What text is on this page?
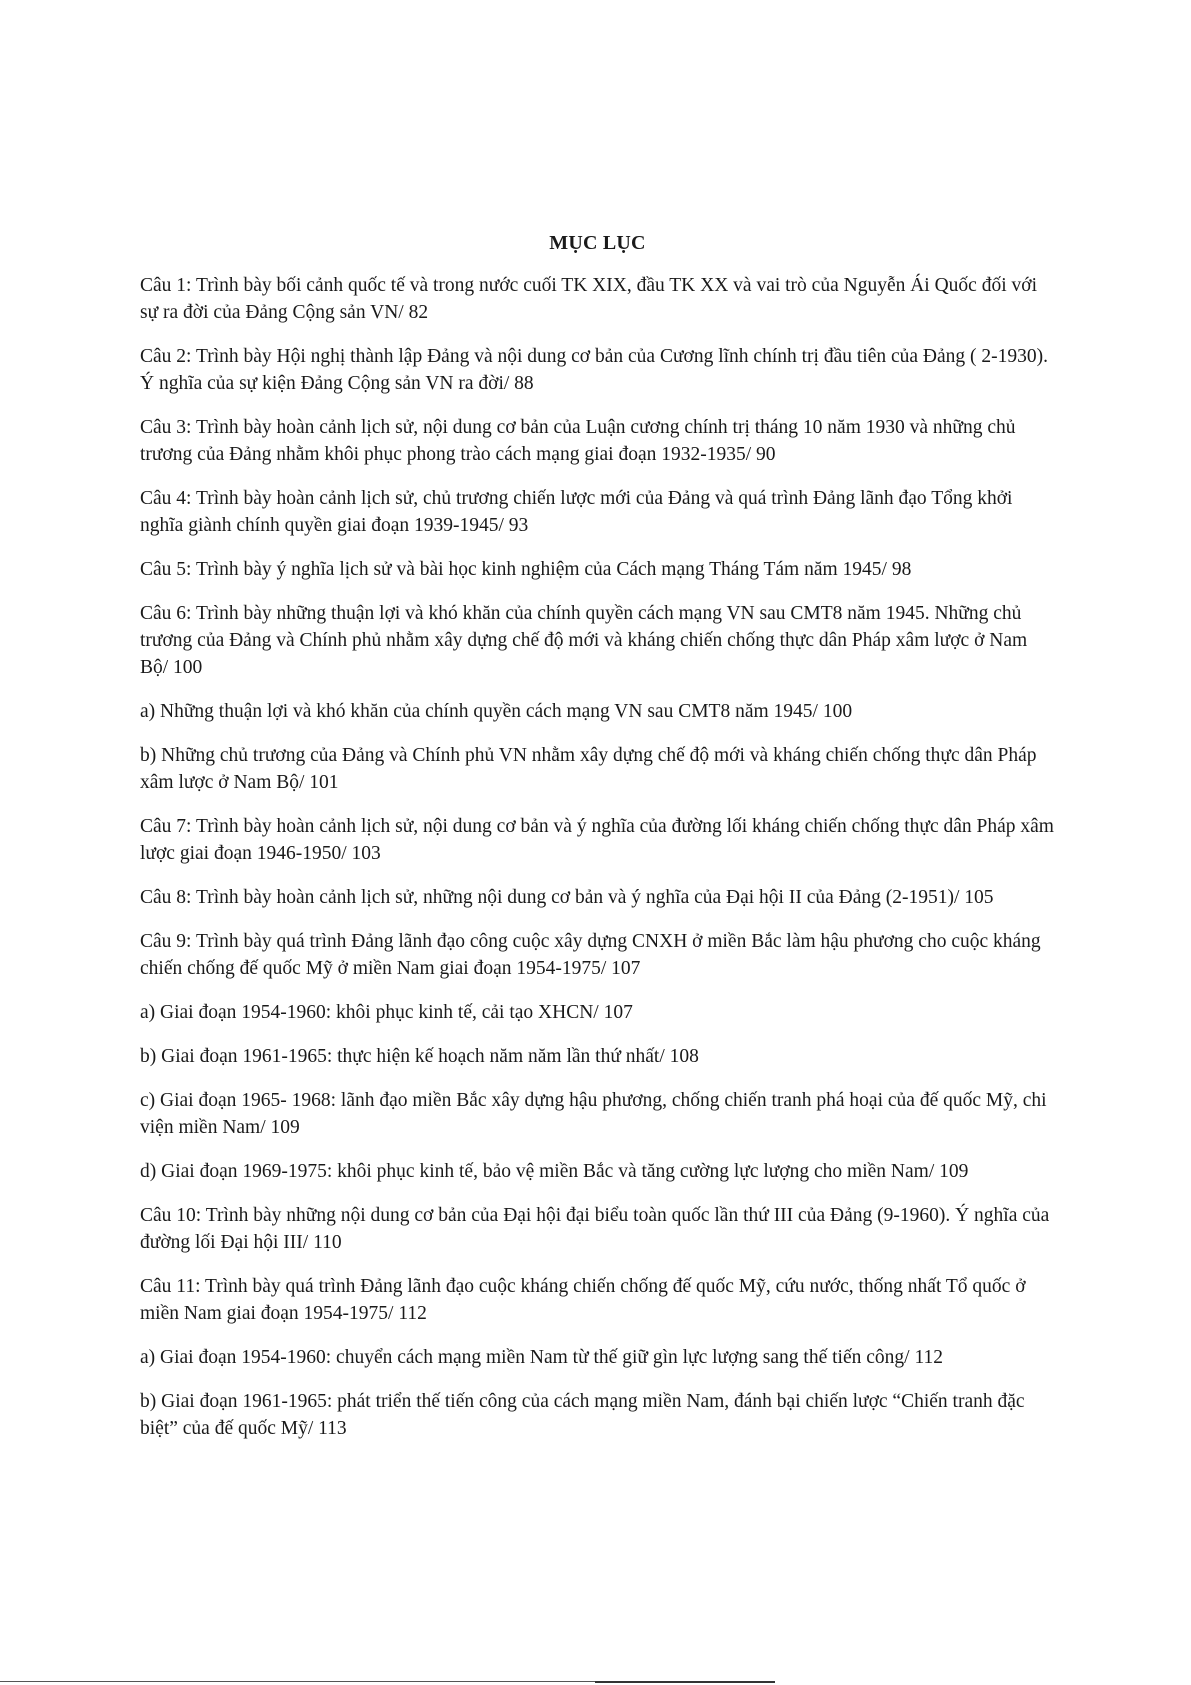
MỤC LỤC

Câu 1: Trình bày bối cảnh quốc tế và trong nước cuối TK XIX, đầu TK XX và vai trò của Nguyễn Ái Quốc đối với sự ra đời của Đảng Cộng sản VN/ 82

Câu 2: Trình bày Hội nghị thành lập Đảng và nội dung cơ bản của Cương lĩnh chính trị đầu tiên của Đảng ( 2-1930). Ý nghĩa của sự kiện Đảng Cộng sản VN ra đời/ 88

Câu 3: Trình bày hoàn cảnh lịch sử, nội dung cơ bản của Luận cương chính trị tháng 10 năm 1930 và những chủ trương của Đảng nhằm khôi phục phong trào cách mạng giai đoạn 1932-1935/ 90

Câu 4: Trình bày hoàn cảnh lịch sử, chủ trương chiến lược mới của Đảng và quá trình Đảng lãnh đạo Tổng khởi nghĩa giành chính quyền giai đoạn 1939-1945/ 93

Câu 5: Trình bày ý nghĩa lịch sử và bài học kinh nghiệm của Cách mạng Tháng Tám năm 1945/ 98

Câu 6: Trình bày những thuận lợi và khó khăn của chính quyền cách mạng VN sau CMT8 năm 1945. Những chủ trương của Đảng và Chính phủ nhằm xây dựng chế độ mới và kháng chiến chống thực dân Pháp xâm lược ở Nam Bộ/ 100

a) Những thuận lợi và khó khăn của chính quyền cách mạng VN sau CMT8 năm 1945/ 100

b) Những chủ trương của Đảng và Chính phủ VN nhằm xây dựng chế độ mới và kháng chiến chống thực dân Pháp xâm lược ở Nam Bộ/ 101

Câu 7: Trình bày hoàn cảnh lịch sử, nội dung cơ bản và ý nghĩa của đường lối kháng chiến chống thực dân Pháp xâm lược giai đoạn 1946-1950/ 103

Câu 8: Trình bày hoàn cảnh lịch sử, những nội dung cơ bản và ý nghĩa của Đại hội II của Đảng (2-1951)/ 105

Câu 9: Trình bày quá trình Đảng lãnh đạo công cuộc xây dựng CNXH ở miền Bắc làm hậu phương cho cuộc kháng chiến chống đế quốc Mỹ ở miền Nam giai đoạn 1954-1975/ 107

a) Giai đoạn 1954-1960: khôi phục kinh tế, cải tạo XHCN/ 107

b) Giai đoạn 1961-1965: thực hiện kế hoạch năm năm lần thứ nhất/ 108

c) Giai đoạn 1965- 1968: lãnh đạo miền Bắc xây dựng hậu phương, chống chiến tranh phá hoại của đế quốc Mỹ, chi viện miền Nam/ 109

d) Giai đoạn 1969-1975: khôi phục kinh tế, bảo vệ miền Bắc và tăng cường lực lượng cho miền Nam/ 109

Câu 10: Trình bày những nội dung cơ bản của Đại hội đại biểu toàn quốc lần thứ III của Đảng (9-1960). Ý nghĩa của đường lối Đại hội III/ 110

Câu 11: Trình bày quá trình Đảng lãnh đạo cuộc kháng chiến chống đế quốc Mỹ, cứu nước, thống nhất Tổ quốc ở miền Nam giai đoạn 1954-1975/ 112

a) Giai đoạn 1954-1960: chuyển cách mạng miền Nam từ thế giữ gìn lực lượng sang thế tiến công/ 112

b) Giai đoạn 1961-1965: phát triển thế tiến công của cách mạng miền Nam, đánh bại chiến lược “Chiến tranh đặc biệt” của đế quốc Mỹ/ 113
